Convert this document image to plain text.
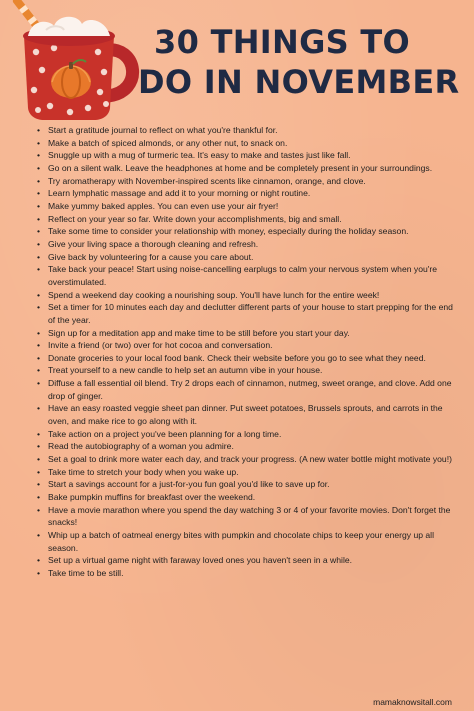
30 THINGS TO
DO IN NOVEMBER
• Start a gratitude journal to reflect on what you're thankful for.
• Make a batch of spiced almonds, or any other nut, to snack on.
• Snuggle up with a mug of turmeric tea. It's easy to make and tastes just like fall.
• Go on a silent walk. Leave the headphones at home and be completely present in your surroundings.
• Try aromatherapy with November-inspired scents like cinnamon, orange, and clove.
• Learn lymphatic massage and add it to your morning or night routine.
• Make yummy baked apples. You can even use your air fryer!
• Reflect on your year so far. Write down your accomplishments, big and small.
• Take some time to consider your relationship with money, especially during the holiday season.
• Give your living space a thorough cleaning and refresh.
• Give back by volunteering for a cause you care about.
• Take back your peace! Start using noise-cancelling earplugs to calm your nervous system when you're overstimulated.
• Spend a weekend day cooking a nourishing soup. You'll have lunch for the entire week!
• Set a timer for 10 minutes each day and declutter different parts of your house to start prepping for the end of the year.
• Sign up for a meditation app and make time to be still before you start your day.
• Invite a friend (or two) over for hot cocoa and conversation.
• Donate groceries to your local food bank. Check their website before you go to see what they need.
• Treat yourself to a new candle to help set an autumn vibe in your house.
• Diffuse a fall essential oil blend. Try 2 drops each of cinnamon, nutmeg, sweet orange, and clove. Add one drop of ginger.
• Have an easy roasted veggie sheet pan dinner. Put sweet potatoes, Brussels sprouts, and carrots in the oven, and make rice to go along with it.
• Take action on a project you've been planning for a long time.
• Read the autobiography of a woman you admire.
• Set a goal to drink more water each day, and track your progress. (A new water bottle might motivate you!)
• Take time to stretch your body when you wake up.
• Start a savings account for a just-for-you fun goal you'd like to save up for.
• Bake pumpkin muffins for breakfast over the weekend.
• Have a movie marathon where you spend the day watching 3 or 4 of your favorite movies. Don't forget the snacks!
• Whip up a batch of oatmeal energy bites with pumpkin and chocolate chips to keep your energy up all season.
• Set up a virtual game night with faraway loved ones you haven't seen in a while.
• Take time to be still.

mamaknowsitall.com
